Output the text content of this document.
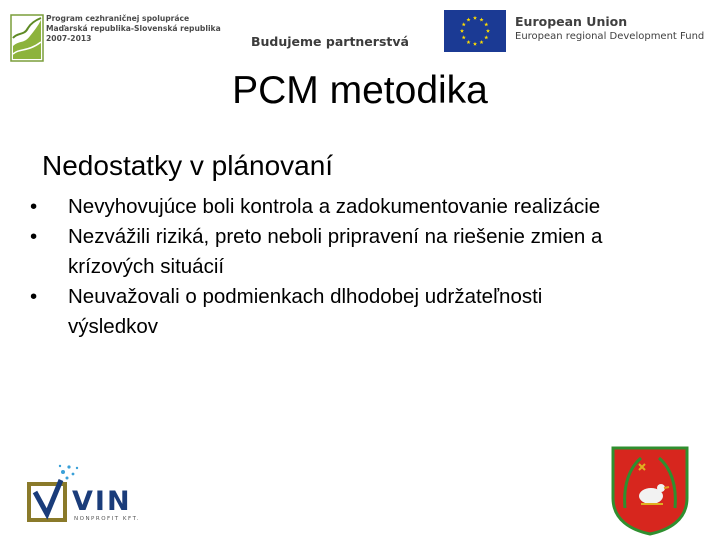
Program cezhraničnej spolupráce
Maďarská republika-Slovenská republika
2007-2013	Budujeme partnerstvá
European Union
European regional Development Fund
PCM metodika
Nedostatky v plánovaní
•	Nevyhovujúce boli kontrola a zadokumentovanie realizácie
•	Nezvážili riziká, preto neboli pripravení na riešenie zmien a
krízových situácií
•	Neuvažovali o podmienkach dlhodobej udržateľnosti
výsledkov
VIN
NONPROFIT KFT.
